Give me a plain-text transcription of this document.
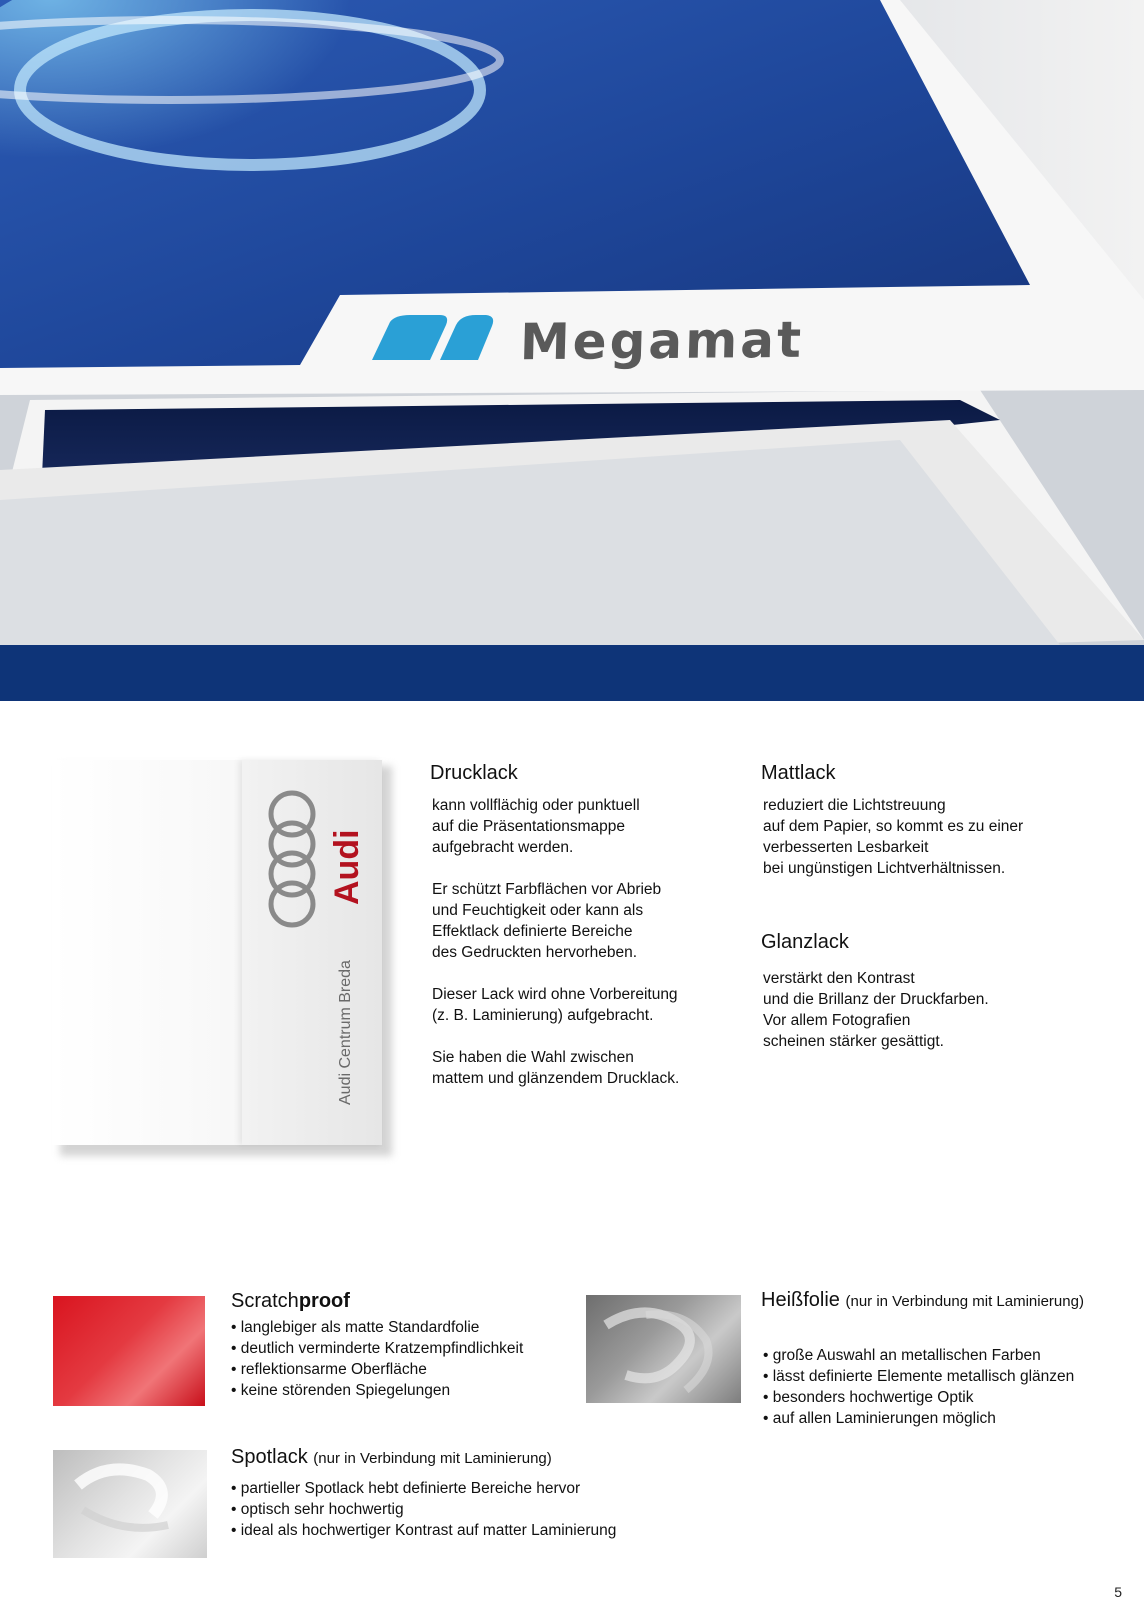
Megamat
Audi
Audi Centrum Breda
Drucklack

kann vollflächig oder punktuell
auf die Präsentationsmappe
aufgebracht werden.

Er schützt Farbflächen vor Abrieb
und Feuchtigkeit oder kann als
Effektlack definierte Bereiche
des Gedruckten hervorheben.

Dieser Lack wird ohne Vorbereitung
(z. B. Laminierung) aufgebracht.

Sie haben die Wahl zwischen
mattem und glänzendem Drucklack.

Mattlack
reduziert die Lichtstreuung
auf dem Papier, so kommt es zu einer
verbesserten Lesbarkeit
bei ungünstigen Lichtverhältnissen.
Glanzlack
verstärkt den Kontrast
und die Brillanz der Druckfarben.
Vor allem Fotografien
scheinen stärker gesättigt.
Scratchproof
• langlebiger als matte Standardfolie
• deutlich verminderte Kratzempfindlichkeit
• reflektionsarme Oberfläche
• keine störenden Spiegelungen
Heißfolie (nur in Verbindung mit Laminierung)
• große Auswahl an metallischen Farben
• lässt definierte Elemente metallisch glänzen
• besonders hochwertige Optik
• auf allen Laminierungen möglich
Spotlack (nur in Verbindung mit Laminierung)
• partieller Spotlack hebt definierte Bereiche hervor
• optisch sehr hochwertig
• ideal als hochwertiger Kontrast auf matter Laminierung
5
